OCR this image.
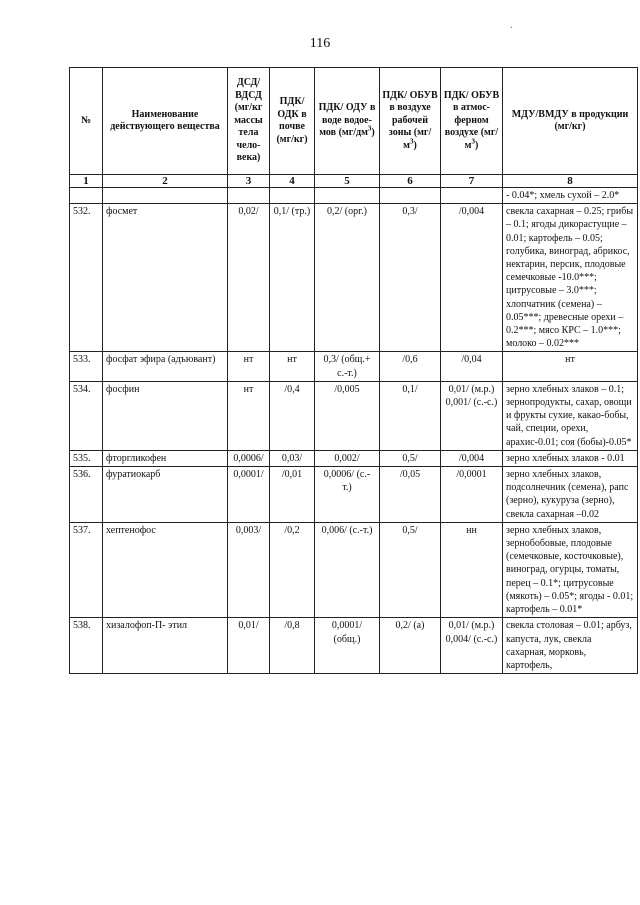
.
116
№	Наименование действующего вещества	ДСД/ ВДСД (мг/кг массы тела чело-века)	ПДК/ ОДК в почве (мг/кг)	ПДК/ ОДУ в воде водое-мов $(мг/дм^3)$	ПДК/ ОБУВ в воздухе рабочей зоны $(мг/м^3)$	ПДК/ ОБУВ в атмос-ферном воздухе $(мг/м^3)$	МДУ/ВМДУ в продукции (мг/кг)
1	2	3	4	5	6	7	8
							- 0.04*; хмель сухой – 2.0*
532.	фосмет	0,02/	0,1/ (тр.)	0,2/ (орг.)	0,3/	/0,004	свекла сахарная – 0.25; грибы – 0.1; ягоды дикорастущие – 0.01; картофель – 0.05; голубика, виноград, абрикос, нектарин, персик, плодовые семечковые -10.0***; цитрусовые – 3.0***; хлопчатник (семена) – 0.05***; древесные орехи – 0.2***; мясо КРС – 1.0***; молоко – 0.02***
533.	фосфат эфира (адъювант)	нт	нт	0,3/ (общ.+ с.-т.)	/0,6	/0,04	нт
534.	фосфин	нт	/0,4	/0,005	0,1/	0,01/ (м.р.) 0,001/ (с.-с.)	зерно хлебных злаков – 0.1; зернопродукты, сахар, овощи и фрукты сухие, какао-бобы, чай, специи, орехи, арахис-0.01; соя (бобы)-0.05*
535.	фторгликофен	0,0006/	0,03/	0,002/	0,5/	/0,004	зерно хлебных злаков - 0.01
536.	фуратиокарб	0,0001/	/0,01	0,0006/ (с.- т.)	/0,05	/0,0001	зерно хлебных злаков, подсолнечник (семена), рапс (зерно), кукуруза (зерно), свекла сахарная –0.02
537.	хептенофос	0,003/	/0,2	0,006/ (с.-т.)	0,5/	нн	зерно хлебных злаков, зернобобовые, плодовые (семечковые, косточковые), виноград, огурцы, томаты, перец – 0.1*; цитрусовые (мякоть) – 0.05*; ягоды - 0.01; картофель – 0.01*
538.	хизалофоп-П- этил	0,01/	/0,8	0,0001/ (общ.)	0,2/ (а)	0,01/ (м.р.) 0,004/ (с.-с.)	свекла столовая – 0.01; арбуз, капуста, лук, свекла сахарная, морковь, картофель,
